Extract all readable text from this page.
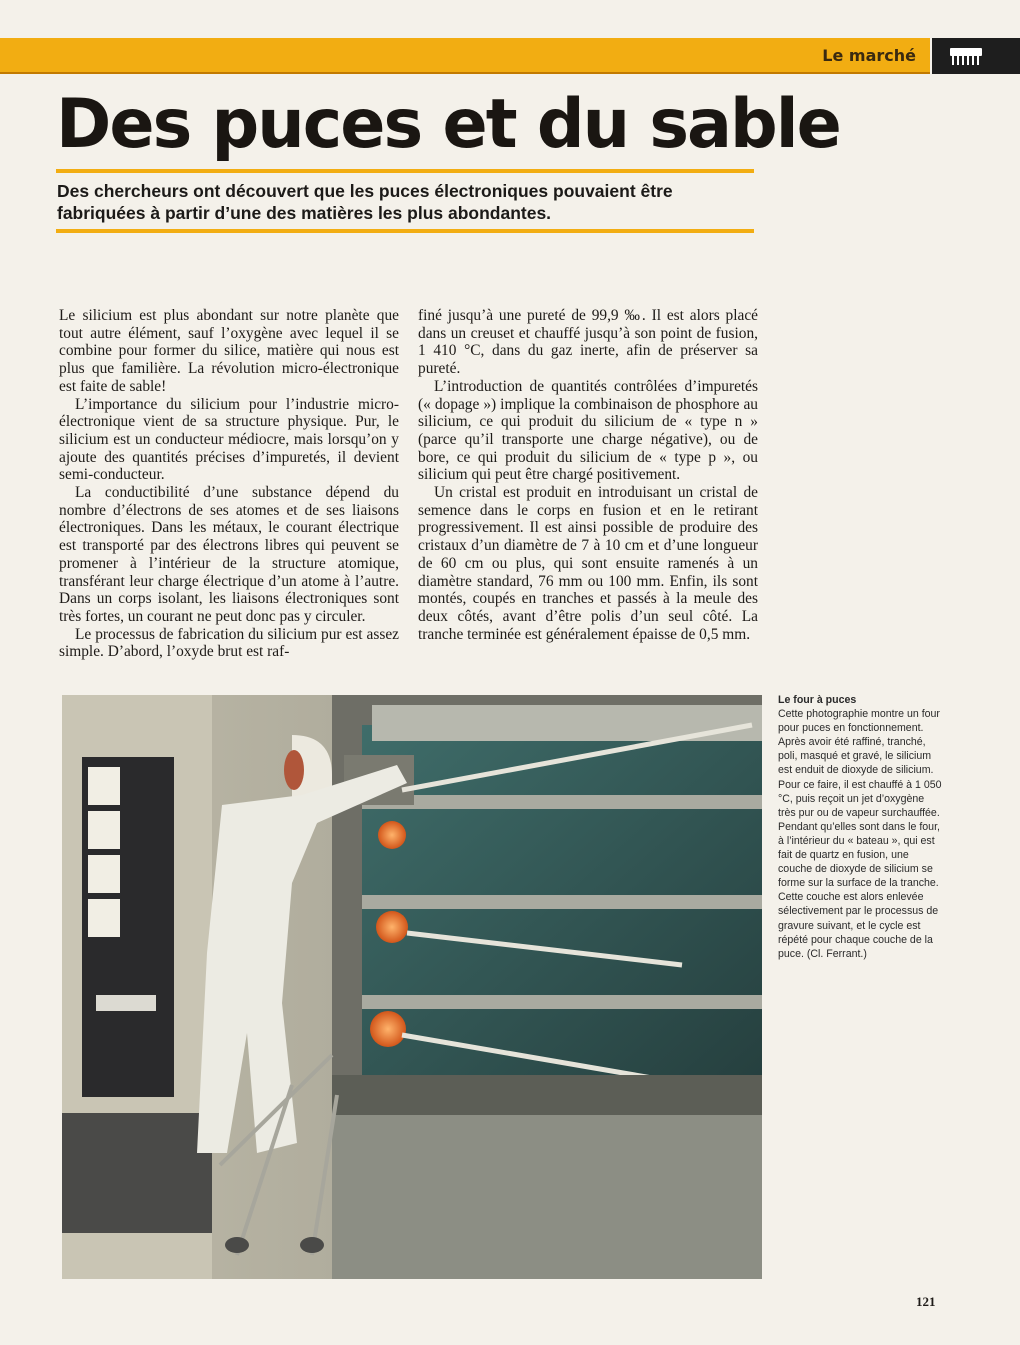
Le marché
Des puces et du sable

Des chercheurs ont découvert que les puces électroniques pouvaient être fabriquées à partir d’une des matières les plus abondantes.

Le silicium est plus abondant sur notre planète que tout autre élément, sauf l’oxygène avec lequel il se combine pour former du silice, matière qui nous est plus que familière. La révolution micro-électronique est faite de sable!

L’importance du silicium pour l’industrie micro-électronique vient de sa structure physique. Pur, le silicium est un conducteur médiocre, mais lorsqu’on y ajoute des quantités précises d’impuretés, il devient semi-conducteur.

La conductibilité d’une substance dépend du nombre d’électrons de ses atomes et de ses liaisons électroniques. Dans les métaux, le courant électrique est transporté par des électrons libres qui peuvent se promener à l’intérieur de la structure atomique, transférant leur charge électrique d’un atome à l’autre. Dans un corps isolant, les liaisons électroniques sont très fortes, un courant ne peut donc pas y circuler.

Le processus de fabrication du silicium pur est assez simple. D’abord, l’oxyde brut est raf-

finé jusqu’à une pureté de 99,9 ‰. Il est alors placé dans un creuset et chauffé jusqu’à son point de fusion, 1 410 °C, dans du gaz inerte, afin de préserver sa pureté.

L’introduction de quantités contrôlées d’impuretés (« dopage ») implique la combinaison de phosphore au silicium, ce qui produit du silicium de « type n » (parce qu’il transporte une charge négative), ou de bore, ce qui produit du silicium de « type p », ou silicium qui peut être chargé positivement.

Un cristal est produit en introduisant un cristal de semence dans le corps en fusion et en le retirant progressivement. Il est ainsi possible de produire des cristaux d’un diamètre de 7 à 10 cm et d’une longueur de 60 cm ou plus, qui sont ensuite ramenés à un diamètre standard, 76 mm ou 100 mm. Enfin, ils sont montés, coupés en tranches et passés à la meule des deux côtés, avant d’être polis d’un seul côté. La tranche terminée est généralement épaisse de 0,5 mm.

Le four à puces
Cette photographie montre un four pour puces en fonctionnement. Après avoir été raffiné, tranché, poli, masqué et gravé, le silicium est enduit de dioxyde de silicium. Pour ce faire, il est chauffé à 1 050 °C, puis reçoit un jet d’oxygène très pur ou de vapeur surchauffée. Pendant qu’elles sont dans le four, à l’intérieur du « bateau », qui est fait de quartz en fusion, une couche de dioxyde de silicium se forme sur la surface de la tranche. Cette couche est alors enlevée sélectivement par le processus de gravure suivant, et le cycle est répété pour chaque couche de la puce. (Cl. Ferrant.)
121
